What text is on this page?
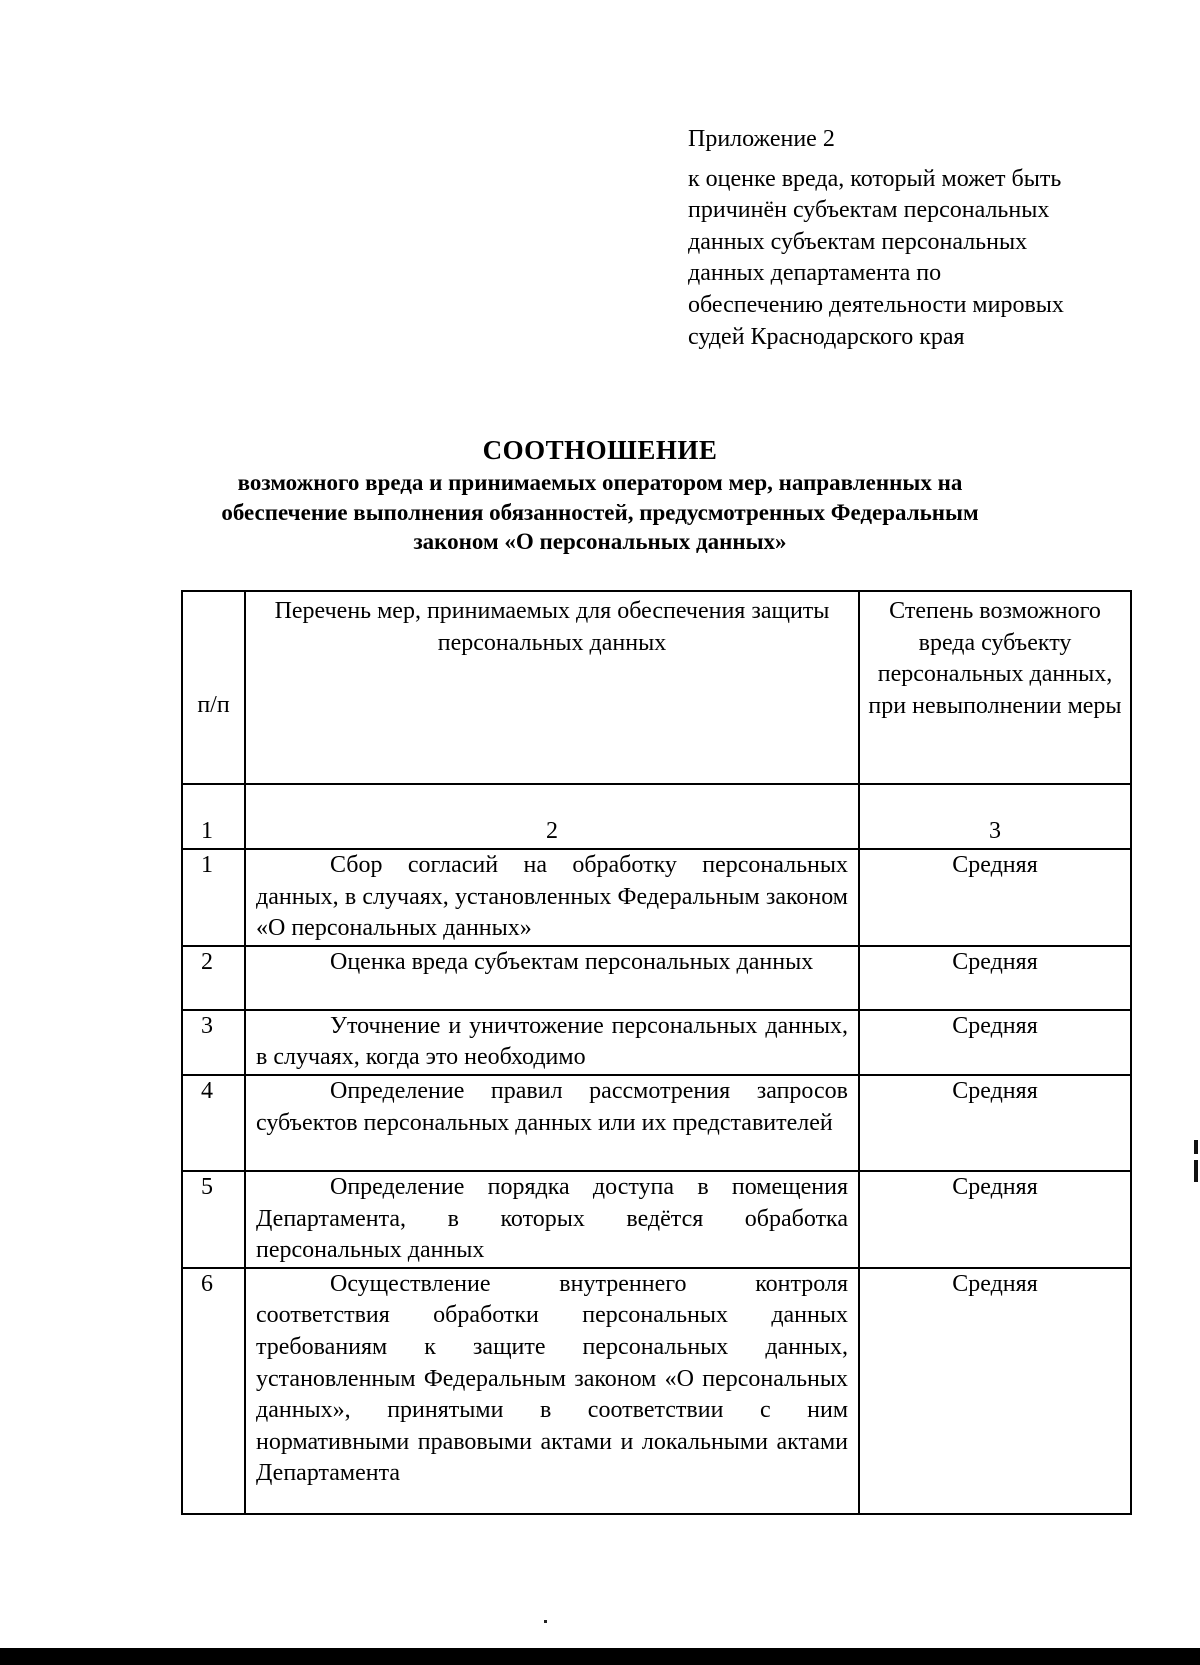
Приложение 2
к оценке вреда, который может быть
причинён субъектам персональных
данных субъектам персональных
данных департамента по
обеспечению деятельности мировых
судей Краснодарского края
СООТНОШЕНИЕ
возможного вреда и принимаемых оператором мер, направленных на
обеспечение выполнения обязанностей, предусмотренных Федеральным
законом «О персональных данных»
п/п	Перечень мер, принимаемых для обеспечения защиты персональных данных	Степень возможного вреда субъекту персональных данных, при невыполнении меры
1	2	3
1	Сбор согласий на обработку персональных данных, в случаях, установленных Федеральным законом «О персональных данных»	Средняя
2	Оценка вреда субъектам персональных данных	Средняя
3	Уточнение и уничтожение персональных данных, в случаях, когда это необходимо	Средняя
4	Определение правил рассмотрения запросов субъектов персональных данных или их представителей	Средняя
5	Определение порядка доступа в помещения Департамента, в которых ведётся обработка персональных данных	Средняя
6	Осуществление внутреннего контроля соответствия обработки персональных данных требованиям к защите персональных данных, установленным Федеральным законом «О персональных данных», принятыми в соответствии с ним нормативными правовыми актами и локальными актами Департамента	Средняя
